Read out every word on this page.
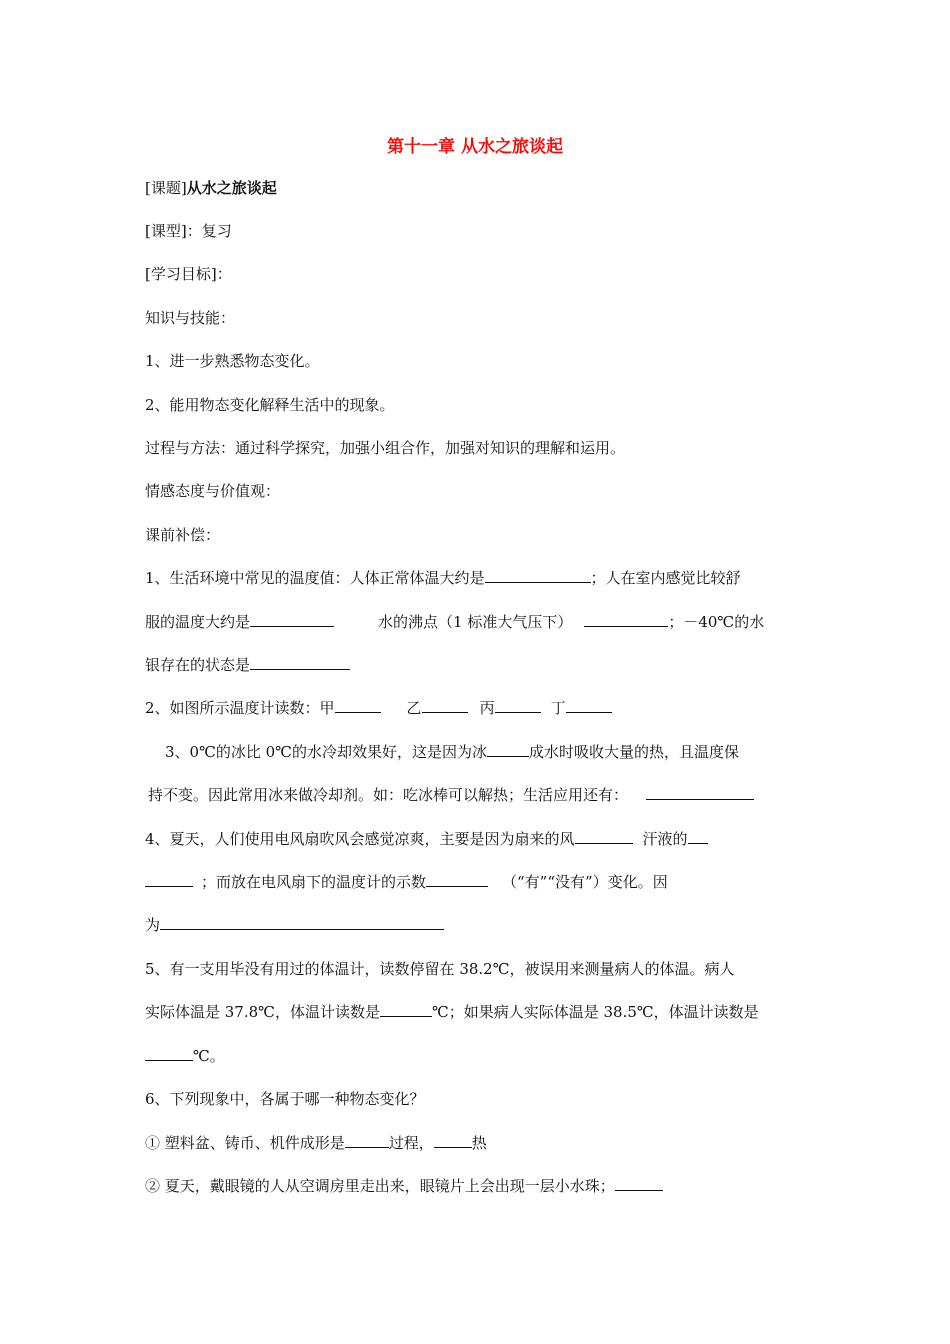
第十一章 从水之旅谈起
[课题]从水之旅谈起
[课型]：复习
[学习目标]：
知识与技能：
1、进一步熟悉物态变化。
2、能用物态变化解释生活中的现象。
过程与方法：通过科学探究，加强小组合作，加强对知识的理解和运用。
情感态度与价值观：
课前补偿：
1、生活环境中常见的温度值：人体正常体温大约是	；人在室内感觉比较舒
服的温度大约是	水的沸点（1 标准大气压下）	；－40℃的水
银存在的状态是
2、如图所示温度计读数：甲	乙	丙	丁
3、0℃的冰比 0℃的水冷却效果好，这是因为冰	成水时吸收大量的热，且温度保
持不变。因此常用冰来做冷却剂。如：吃冰棒可以解热；生活应用还有：
4、夏天，人们使用电风扇吹风会感觉凉爽，主要是因为扇来的风	汗液的
；而放在电风扇下的温度计的示数	（“有”“没有”）变化。因
为
5、有一支用毕没有用过的体温计，读数停留在 38.2℃，被误用来测量病人的体温。病人
实际体温是 37.8℃，体温计读数是	℃；如果病人实际体温是 38.5℃，体温计读数是
℃。
6、下列现象中，各属于哪一种物态变化？
① 塑料盆、铸币、机件成形是	过程，	热
② 夏天，戴眼镜的人从空调房里走出来，眼镜片上会出现一层小水珠；
